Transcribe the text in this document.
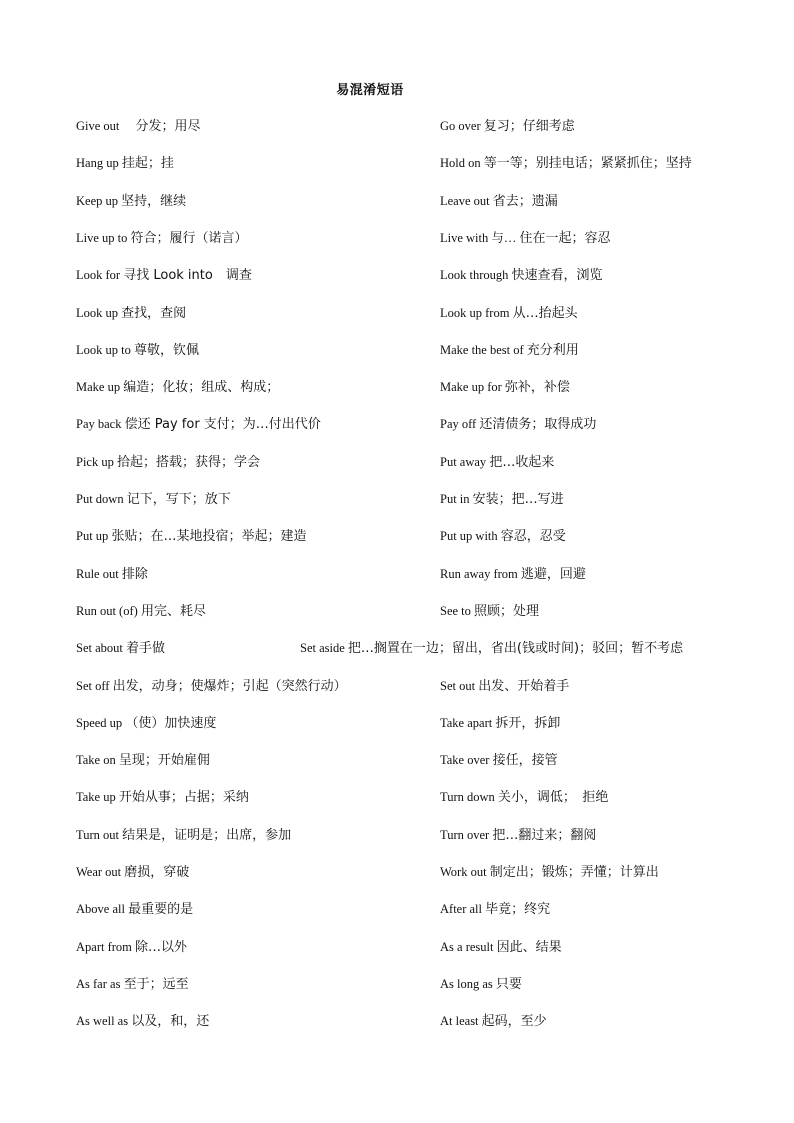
易混淆短语
Give out 　分发；用尽	Go over 复习；仔细考虑
Hang up 挂起；挂	Hold on 等一等；别挂电话；紧紧抓住；坚持
Keep up 坚持，继续	Leave out 省去；遗漏
Live up to 符合；履行（诺言）	Live with 与… 住在一起；容忍
Look for 寻找 Look into　调查	Look through 快速查看，浏览
Look up 查找，查阅	Look up from 从…抬起头
Look up to 尊敬，钦佩	Make the best of 充分利用
Make up 编造；化妆；组成、构成；	Make up for 弥补，补偿
Pay back 偿还 Pay for 支付；为…付出代价	Pay off 还清债务；取得成功
Pick up 拾起；搭载；获得；学会	Put away 把…收起来
Put down 记下，写下；放下	Put in 安装；把…写进
Put up 张贴；在…某地投宿；举起；建造	Put up with 容忍，忍受
Rule out 排除	Run away from 逃避，回避
Run out (of) 用完、耗尽	See to 照顾；处理
Set about 着手做	Set aside 把…搁置在一边；留出，省出(钱或时间)；驳回；暂不考虑
Set off 出发，动身；使爆炸；引起（突然行动）	Set out 出发、开始着手
Speed up （使）加快速度	Take apart 拆开，拆卸
Take on 呈现；开始雇佣	Take over 接任，接管
Take up 开始从事；占据；采纳	Turn down 关小，调低；　拒绝
Turn out 结果是，证明是；出席，参加	Turn over 把…翻过来；翻阅
Wear out 磨损，穿破	Work out 制定出；锻炼；弄懂；计算出
Above all 最重要的是	After all 毕竟；终究
Apart from 除…以外	As a result 因此、结果
As far as 至于；远至	As long as 只要
As well as 以及，和，还	At least 起码，至少
